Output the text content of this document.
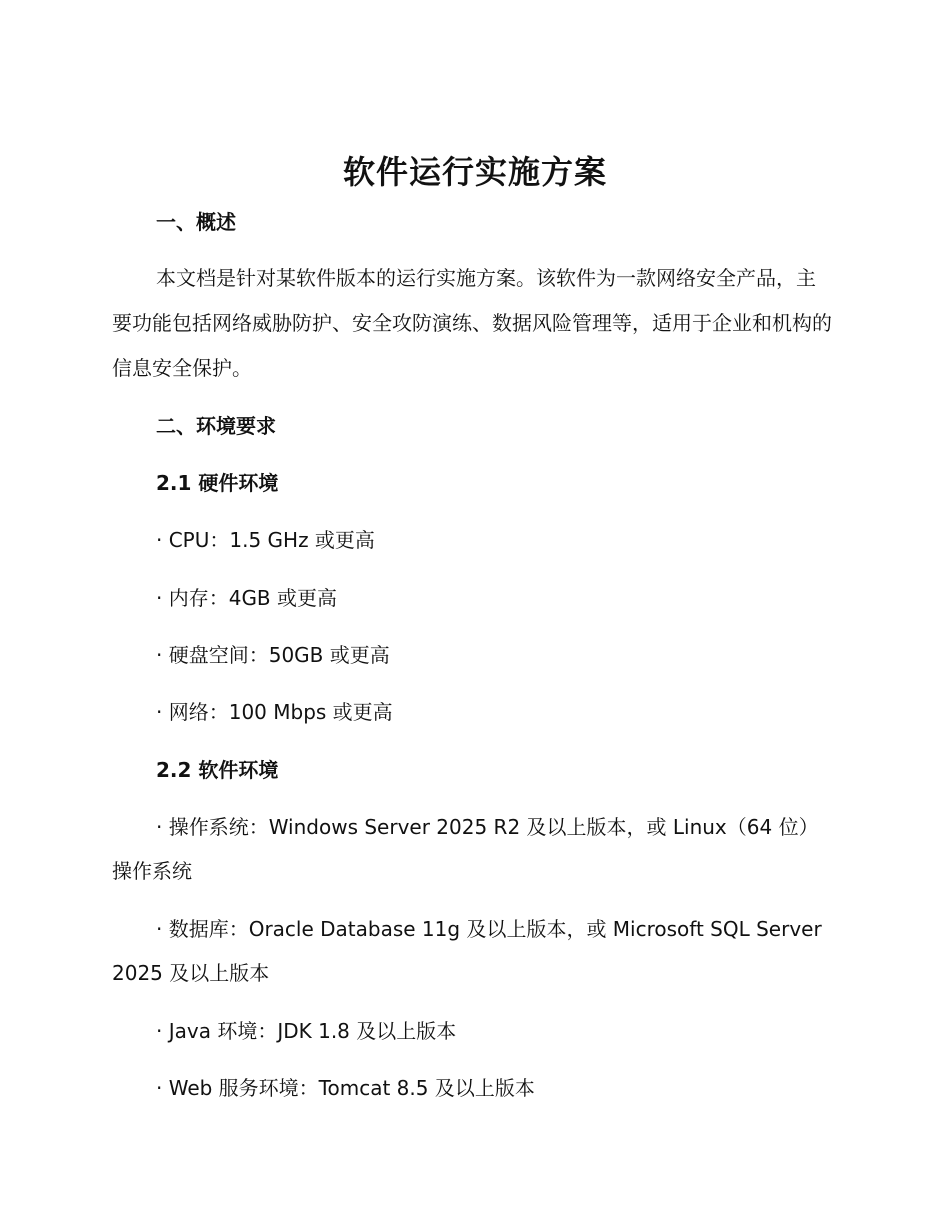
软件运行实施方案
一、概述
本文档是针对某软件版本的运行实施方案。该软件为一款网络安全产品，主要功能包括网络威胁防护、安全攻防演练、数据风险管理等，适用于企业和机构的信息安全保护。
二、环境要求
2.1 硬件环境
· CPU：1.5 GHz 或更高
· 内存：4GB 或更高
· 硬盘空间：50GB 或更高
· 网络：100 Mbps 或更高
2.2 软件环境
· 操作系统：Windows Server 2025 R2 及以上版本，或 Linux（64 位）操作系统
· 数据库：Oracle Database 11g 及以上版本，或 Microsoft SQL Server 2025 及以上版本
· Java 环境：JDK 1.8 及以上版本
· Web 服务环境：Tomcat 8.5 及以上版本
